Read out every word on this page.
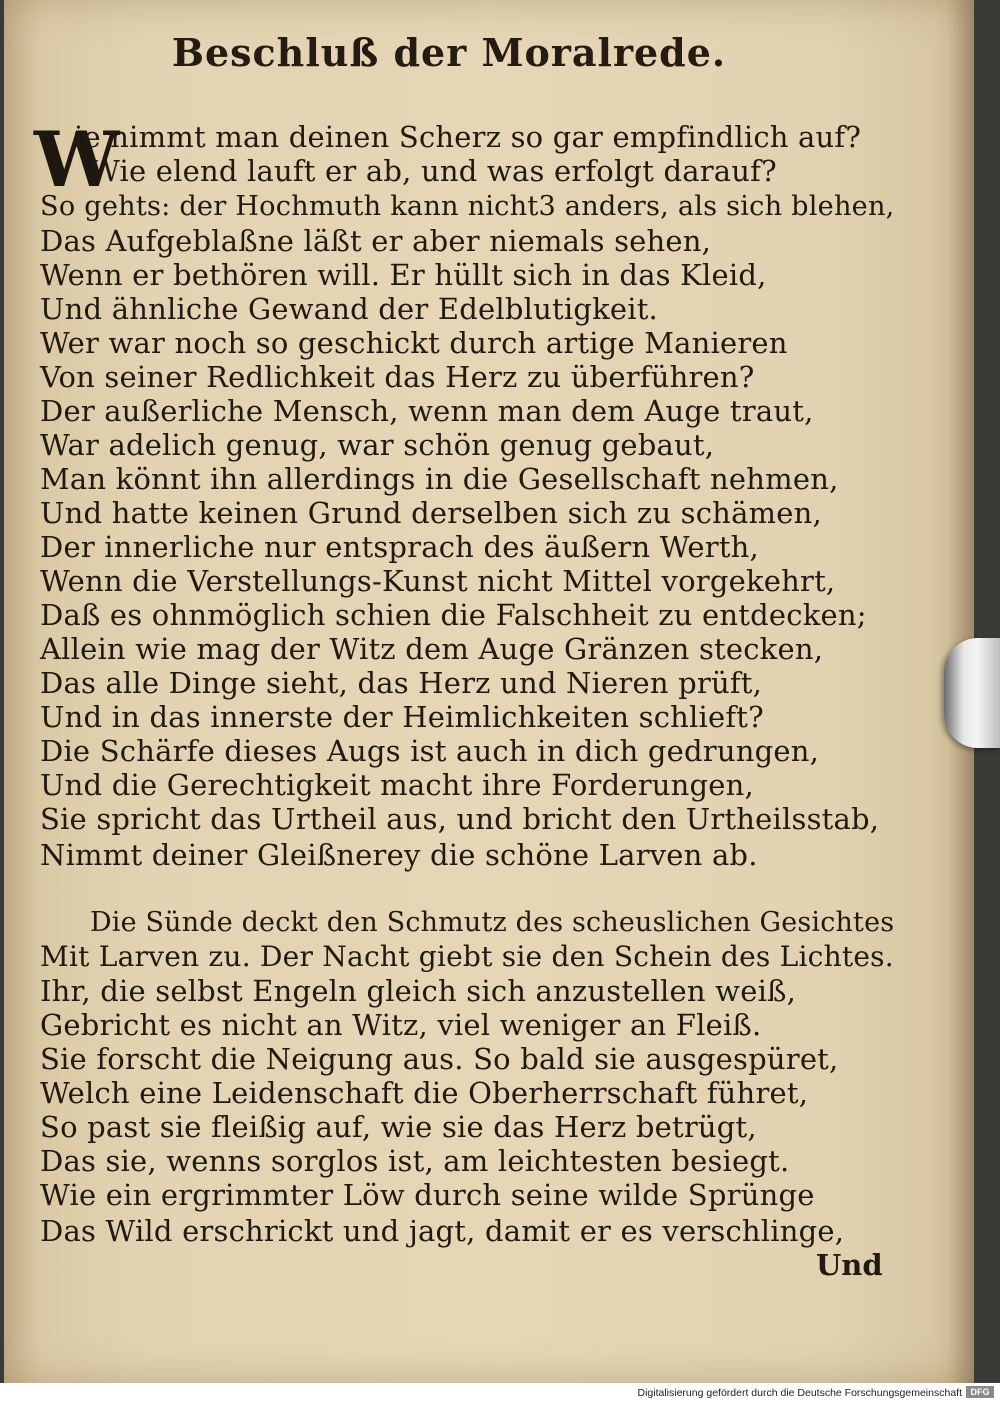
Beschluß der Moralrede.
W
ie nimmt man deinen Scherz so gar empfindlich auf?
Wie elend lauft er ab, und was erfolgt darauf?
So gehts: der Hochmuth kann nicht3 anders, als sich blehen,
Das Aufgeblaßne läßt er aber niemals sehen,
Wenn er bethören will. Er hüllt sich in das Kleid,
Und ähnliche Gewand der Edelblutigkeit.
Wer war noch so geschickt durch artige Manieren
Von seiner Redlichkeit das Herz zu überführen?
Der außerliche Mensch, wenn man dem Auge traut,
War adelich genug, war schön genug gebaut,
Man könnt ihn allerdings in die Gesellschaft nehmen,
Und hatte keinen Grund derselben sich zu schämen,
Der innerliche nur entsprach des äußern Werth,
Wenn die Verstellungs-Kunst nicht Mittel vorgekehrt,
Daß es ohnmöglich schien die Falschheit zu entdecken;
Allein wie mag der Witz dem Auge Gränzen stecken,
Das alle Dinge sieht, das Herz und Nieren prüft,
Und in das innerste der Heimlichkeiten schlieft?
Die Schärfe dieses Augs ist auch in dich gedrungen,
Und die Gerechtigkeit macht ihre Forderungen,
Sie spricht das Urtheil aus, und bricht den Urtheilsstab,
Nimmt deiner Gleißnerey die schöne Larven ab.
Die Sünde deckt den Schmutz des scheuslichen Gesichtes
Mit Larven zu. Der Nacht giebt sie den Schein des Lichtes.
Ihr, die selbst Engeln gleich sich anzustellen weiß,
Gebricht es nicht an Witz, viel weniger an Fleiß.
Sie forscht die Neigung aus. So bald sie ausgespüret,
Welch eine Leidenschaft die Oberherrschaft führet,
So past sie fleißig auf, wie sie das Herz betrügt,
Das sie, wenns sorglos ist, am leichtesten besiegt.
Wie ein ergrimmter Löw durch seine wilde Sprünge
Das Wild erschrickt und jagt, damit er es verschlinge,
Und
Digitalisierung gefördert durch die Deutsche Forschungsgemeinschaft DFG
